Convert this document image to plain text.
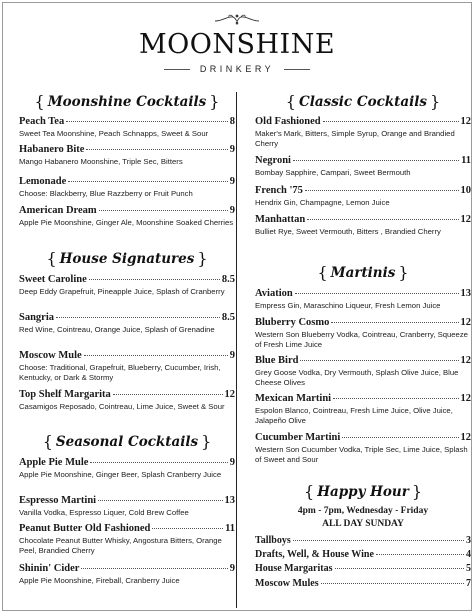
MOONSHINE
DRINKERY
{ Moonshine Cocktails }
Peach Tea	8
Sweet Tea Moonshine, Peach Schnapps, Sweet & Sour
Habanero Bite	9
Mango Habanero Moonshine, Triple Sec, Bitters
Lemonade	9
Choose: Blackberry, Blue Razzberry or Fruit Punch
American Dream	9
Apple Pie Moonshine, Ginger Ale, Moonshine Soaked Cherries
{ House Signatures }
Sweet Caroline	8.5
Deep Eddy Grapefruit, Pineapple Juice, Splash of Cranberry
Sangria	8.5
Red Wine, Cointreau, Orange Juice, Splash of Grenadine
Moscow Mule	9
Choose: Traditional, Grapefruit, Blueberry, Cucumber, Irish, Kentucky, or Dark & Stormy
Top Shelf Margarita	12
Casamigos Reposado, Cointreau, Lime Juice, Sweet & Sour
{ Seasonal Cocktails }
Apple Pie Mule	9
Apple Pie Moonshine, Ginger Beer, Splash Cranberry Juice
Espresso Martini	13
Vanilla Vodka, Espresso Liquer, Cold Brew Coffee
Peanut Butter Old Fashioned	11
Chocolate Peanut Butter Whisky, Angostura Bitters, Orange Peel, Brandied Cherry
Shinin' Cider	9
Apple Pie Moonshine, Fireball, Cranberry Juice
{ Classic Cocktails }
Old Fashioned	12
Maker's Mark, Bitters, Simple Syrup, Orange and Brandied Cherry
Negroni	11
Bombay Sapphire, Campari, Sweet Bermouth
French '75	10
Hendrix Gin, Champagne, Lemon Juice
Manhattan	12
Bulliet Rye, Sweet Vermouth, Bitters , Brandied Cherry
{ Martinis }
Aviation	13
Empress Gin, Maraschino Liqueur, Fresh Lemon Juice
Bluberry Cosmo	12
Western Son Blueberry Vodka, Cointreau, Cranberry, Squeeze of Fresh Lime Juice
Blue Bird	12
Grey Goose Vodka, Dry Vermouth, Splash Olive Juice, Blue Cheese Olives
Mexican Martini	12
Espolon Blanco, Cointreau, Fresh Lime Juice, Olive Juice, Jalapeño Olive
Cucumber Martini	12
Western Son Cucumber Vodka, Triple Sec, Lime Juice, Splash of Sweet and Sour
{ Happy Hour }
4pm - 7pm, Wednesday - Friday
ALL DAY SUNDAY
Tallboys	3
Drafts, Well, & House Wine	4
House Margaritas	5
Moscow Mules	7
